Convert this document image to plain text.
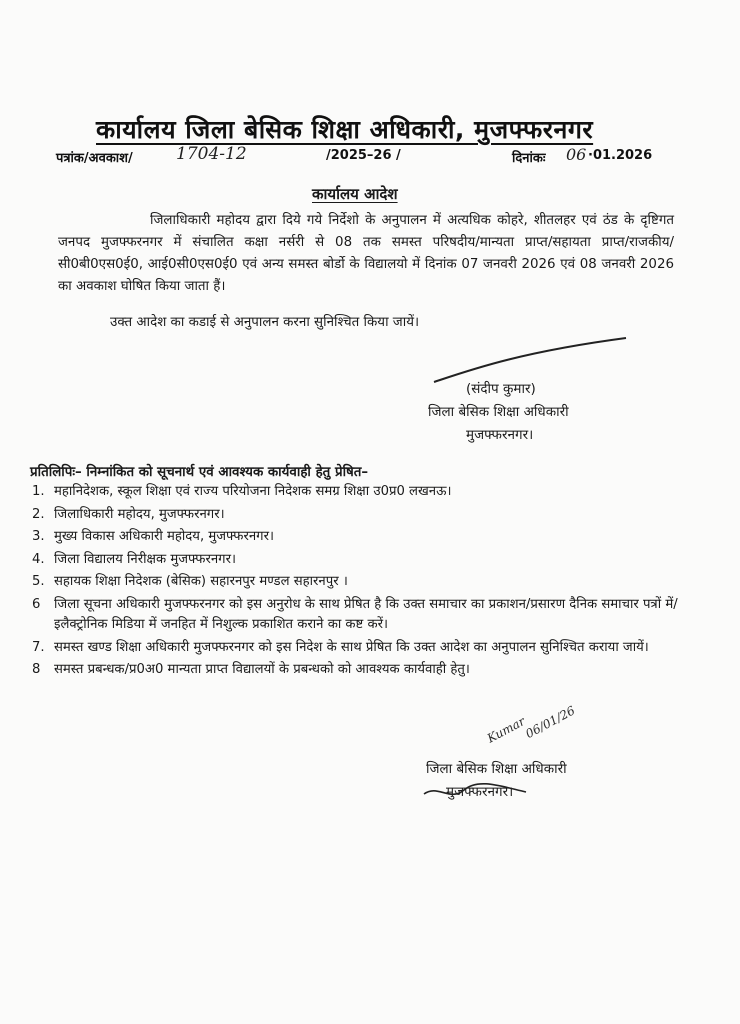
कार्यालय जिला बेसिक शिक्षा अधिकारी, मुजफ्फरनगर
पत्रांक/अवकाश/	1704-12	/2025–26 /	दिनांकः 06 ·01.2026
कार्यालय आदेश
जिलाधिकारी महोदय द्वारा दिये गये निर्देशो के अनुपालन में अत्यधिक कोहरे, शीतलहर एवं ठंड के दृष्टिगत जनपद मुजफ्फरनगर में संचालित कक्षा नर्सरी से 08 तक समस्त परिषदीय/मान्यता प्राप्त/सहायता प्राप्त/राजकीय/सी0बी0एस0ई0, आई0सी0एस0ई0 एवं अन्य समस्त बोर्डो के विद्यालयो में दिनांक 07 जनवरी 2026 एवं 08 जनवरी 2026 का अवकाश घोषित किया जाता हैं।
उक्त आदेश का कडाई से अनुपालन करना सुनिश्चित किया जायें।
(संदीप कुमार)
जिला बेसिक शिक्षा अधिकारी
मुजफ्फरनगर।
प्रतिलिपिः– निम्नांकित को सूचनार्थ एवं आवश्यक कार्यवाही हेतु प्रेषित–
1. महानिदेशक, स्कूल शिक्षा एवं राज्य परियोजना निदेशक समग्र शिक्षा उ0प्र0 लखनऊ।
2. जिलाधिकारी महोदय, मुजफ्फरनगर।
3. मुख्य विकास अधिकारी महोदय, मुजफ्फरनगर।
4. जिला विद्यालय निरीक्षक मुजफ्फरनगर।
5. सहायक शिक्षा निदेशक (बेसिक) सहारनपुर मण्डल सहारनपुर ।
6 जिला सूचना अधिकारी मुजफ्फरनगर को इस अनुरोध के साथ प्रेषित है कि उक्त समाचार का प्रकाशन/प्रसारण दैनिक समाचार पत्रों में/इलैक्ट्रोनिक मिडिया में जनहित में निशुल्क प्रकाशित कराने का कष्ट करें।
7. समस्त खण्ड शिक्षा अधिकारी मुजफ्फरनगर को इस निदेश के साथ प्रेषित कि उक्त आदेश का अनुपालन सुनिश्चित कराया जायें।
8 समस्त प्रबन्धक/प्र0अ0 मान्यता प्राप्त विद्यालयों के प्रबन्धको को आवश्यक कार्यवाही हेतु।
Kumar
06/01/26
जिला बेसिक शिक्षा अधिकारी
मुजफ्फरनगर।
